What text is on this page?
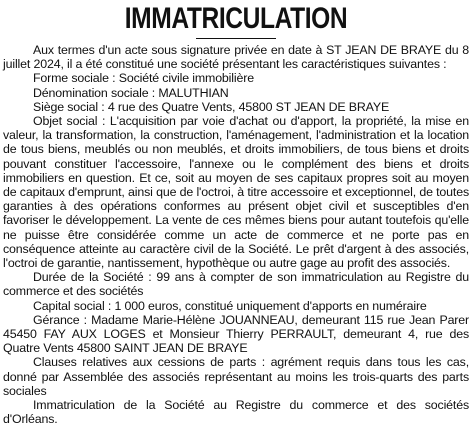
IMMATRICULATION

Aux termes d'un acte sous signature privée en date à ST JEAN DE BRAYE du 8 juillet 2024, il a été constitué une société présentant les caractéristiques suivantes :

Forme sociale : Société civile immobilière

Dénomination sociale : MALUTHIAN

Siège social : 4 rue des Quatre Vents, 45800 ST JEAN DE BRAYE

Objet social : L'acquisition par voie d'achat ou d'apport, la propriété, la mise en valeur, la transformation, la construction, l'aménagement, l'administration et la location de tous biens, meublés ou non meublés, et droits immobiliers, de tous biens et droits pouvant constituer l'accessoire, l'annexe ou le complément des biens et droits immobiliers en question. Et ce, soit au moyen de ses capitaux propres soit au moyen de capitaux d'emprunt, ainsi que de l'octroi, à titre accessoire et exceptionnel, de toutes garanties à des opérations conformes au présent objet civil et susceptibles d'en favoriser le développement. La vente de ces mêmes biens pour autant toutefois qu'elle ne puisse être considérée comme un acte de commerce et ne porte pas en conséquence atteinte au caractère civil de la Société. Le prêt d'argent à des associés, l'octroi de garantie, nantissement, hypothèque ou autre gage au profit des associés.

Durée de la Société : 99 ans à compter de son immatriculation au Registre du commerce et des sociétés

Capital social : 1 000 euros, constitué uniquement d'apports en numéraire

Gérance : Madame Marie-Hélène JOUANNEAU, demeurant 115 rue Jean Parer 45450 FAY AUX LOGES et Monsieur Thierry PERRAULT, demeurant 4, rue des Quatre Vents 45800 SAINT JEAN DE BRAYE

Clauses relatives aux cessions de parts : agrément requis dans tous les cas, donné par Assemblée des associés représentant au moins les trois-quarts des parts sociales

Immatriculation de la Société au Registre du commerce et des sociétés d'Orléans.
